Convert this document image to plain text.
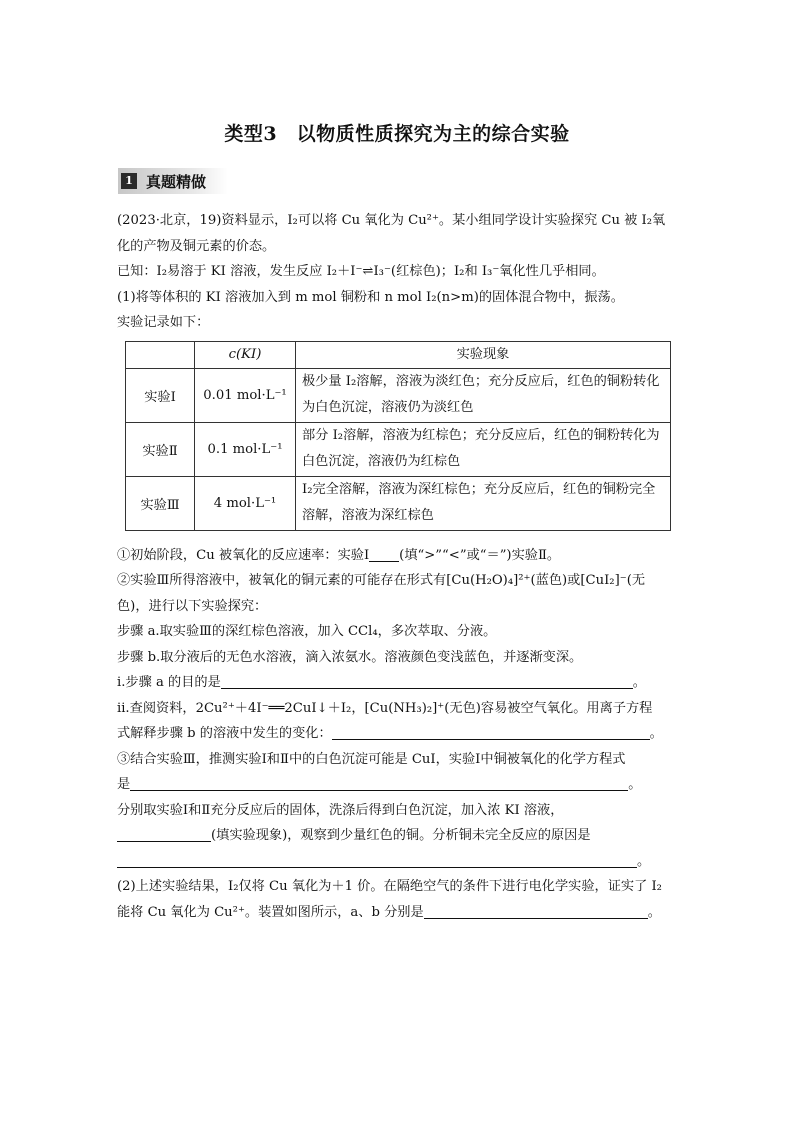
类型3　以物质性质探究为主的综合实验
1 真题精做
(2023·北京，19)资料显示，I₂可以将 Cu 氧化为 Cu²⁺。某小组同学设计实验探究 Cu 被 I₂氧
化的产物及铜元素的价态。
已知：I₂易溶于 KI 溶液，发生反应 I₂＋I⁻⇌I₃⁻(红棕色)；I₂和 I₃⁻氧化性几乎相同。
(1)将等体积的 KI 溶液加入到 m mol 铜粉和 n mol I₂(n>m)的固体混合物中，振荡。
实验记录如下：
	c(KI)	实验现象
实验Ⅰ	0.01 mol·L⁻¹	极少量 I₂溶解，溶液为淡红色；充分反应后，红色的铜粉转化为白色沉淀，溶液仍为淡红色
实验Ⅱ	0.1 mol·L⁻¹	部分 I₂溶解，溶液为红棕色；充分反应后，红色的铜粉转化为白色沉淀，溶液仍为红棕色
实验Ⅲ	4 mol·L⁻¹	I₂完全溶解，溶液为深红棕色；充分反应后，红色的铜粉完全溶解，溶液为深红棕色
①初始阶段，Cu 被氧化的反应速率：实验Ⅰ (填“>”“<”或“＝”)实验Ⅱ。
②实验Ⅲ所得溶液中，被氧化的铜元素的可能存在形式有[Cu(H₂O)₄]²⁺(蓝色)或[CuI₂]⁻(无
色)，进行以下实验探究：
步骤 a.取实验Ⅲ的深红棕色溶液，加入 CCl₄，多次萃取、分液。
步骤 b.取分液后的无色水溶液，滴入浓氨水。溶液颜色变浅蓝色，并逐渐变深。
ⅰ.步骤 a 的目的是	。
ⅱ.查阅资料，2Cu²⁺＋4I⁻══2CuI↓＋I₂，[Cu(NH₃)₂]⁺(无色)容易被空气氧化。用离子方程
式解释步骤 b 的溶液中发生的变化：	。
③结合实验Ⅲ，推测实验Ⅰ和Ⅱ中的白色沉淀可能是 CuI，实验Ⅰ中铜被氧化的化学方程式
是	。
分别取实验Ⅰ和Ⅱ充分反应后的固体，洗涤后得到白色沉淀，加入浓 KI 溶液，
(填实验现象)，观察到少量红色的铜。分析铜未完全反应的原因是
。
(2)上述实验结果，I₂仅将 Cu 氧化为＋1 价。在隔绝空气的条件下进行电化学实验，证实了 I₂
能将 Cu 氧化为 Cu²⁺。装置如图所示，a、b 分别是	。
